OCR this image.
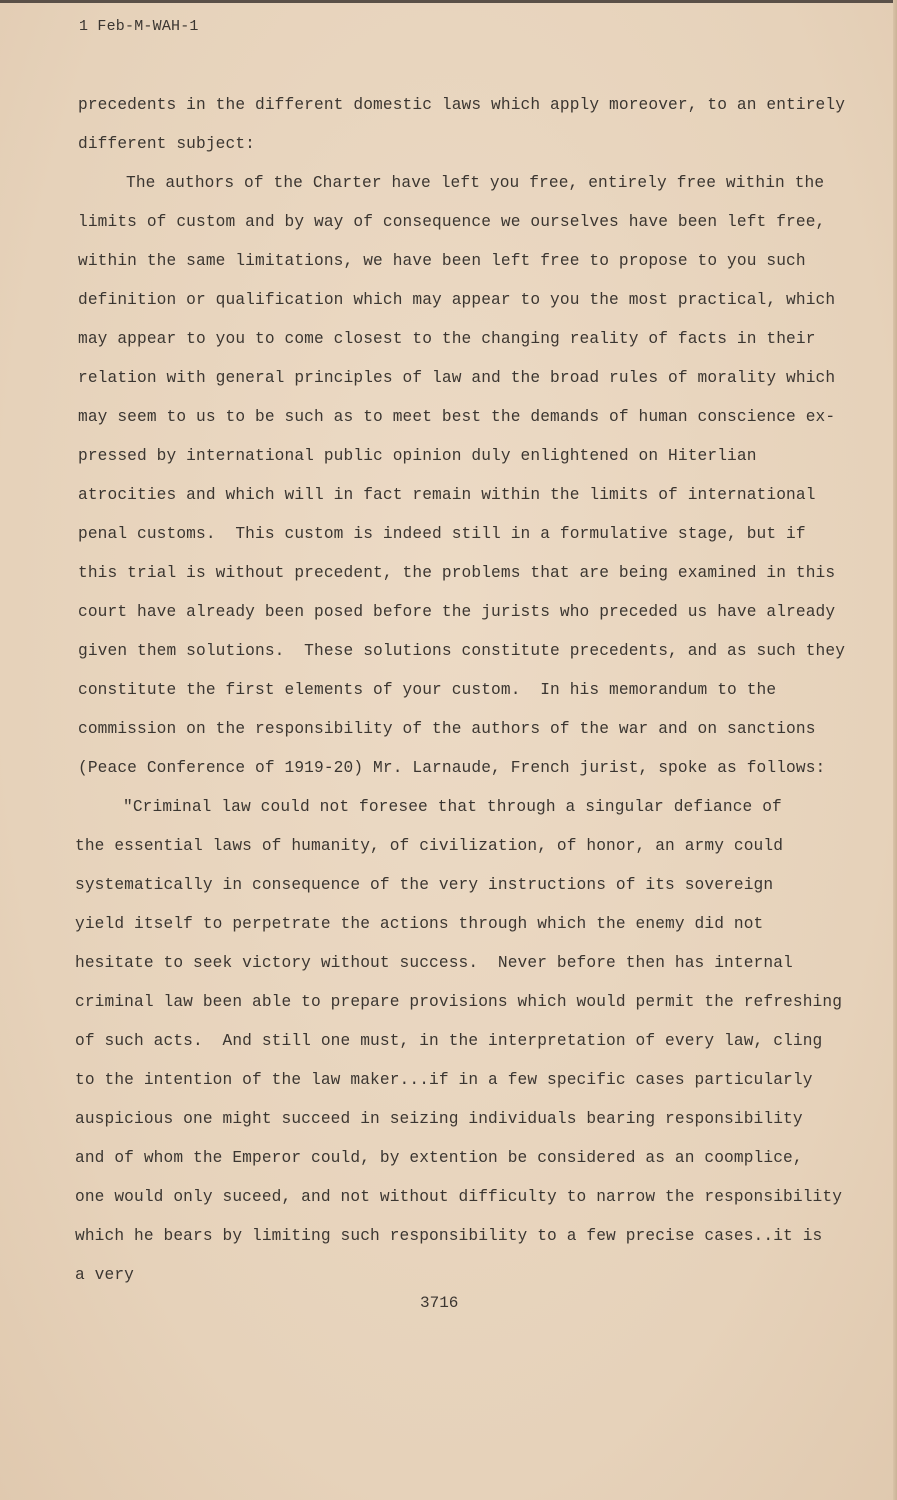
1 Feb-M-WAH-1
precedents in the different domestic laws which apply moreover, to an entirely
different subject:
The authors of the Charter have left you free, entirely free within the
limits of custom and by way of consequence we ourselves have been left free,
within the same limitations, we have been left free to propose to you such
definition or qualification which may appear to you the most practical, which
may appear to you to come closest to the changing reality of facts in their
relation with general principles of law and the broad rules of morality which
may seem to us to be such as to meet best the demands of human conscience ex-
pressed by international public opinion duly enlightened on Hiterlian
atrocities and which will in fact remain within the limits of international
penal customs.  This custom is indeed still in a formulative stage, but if
this trial is without precedent, the problems that are being examined in this
court have already been posed before the jurists who preceded us have already
given them solutions.  These solutions constitute precedents, and as such they
constitute the first elements of your custom.  In his memorandum to the
commission on the responsibility of the authors of the war and on sanctions
(Peace Conference of 1919-20) Mr. Larnaude, French jurist, spoke as follows:
"Criminal law could not foresee that through a singular defiance of
the essential laws of humanity, of civilization, of honor, an army could
systematically in consequence of the very instructions of its sovereign
yield itself to perpetrate the actions through which the enemy did not
hesitate to seek victory without success.  Never before then has internal
criminal law been able to prepare provisions which would permit the refreshing
of such acts.  And still one must, in the interpretation of every law, cling
to the intention of the law maker...if in a few specific cases particularly
auspicious one might succeed in seizing individuals bearing responsibility
and of whom the Emperor could, by extention be considered as an coomplice,
one would only suceed, and not without difficulty to narrow the responsibility
which he bears by limiting such responsibility to a few precise cases..it is
a very
3716
